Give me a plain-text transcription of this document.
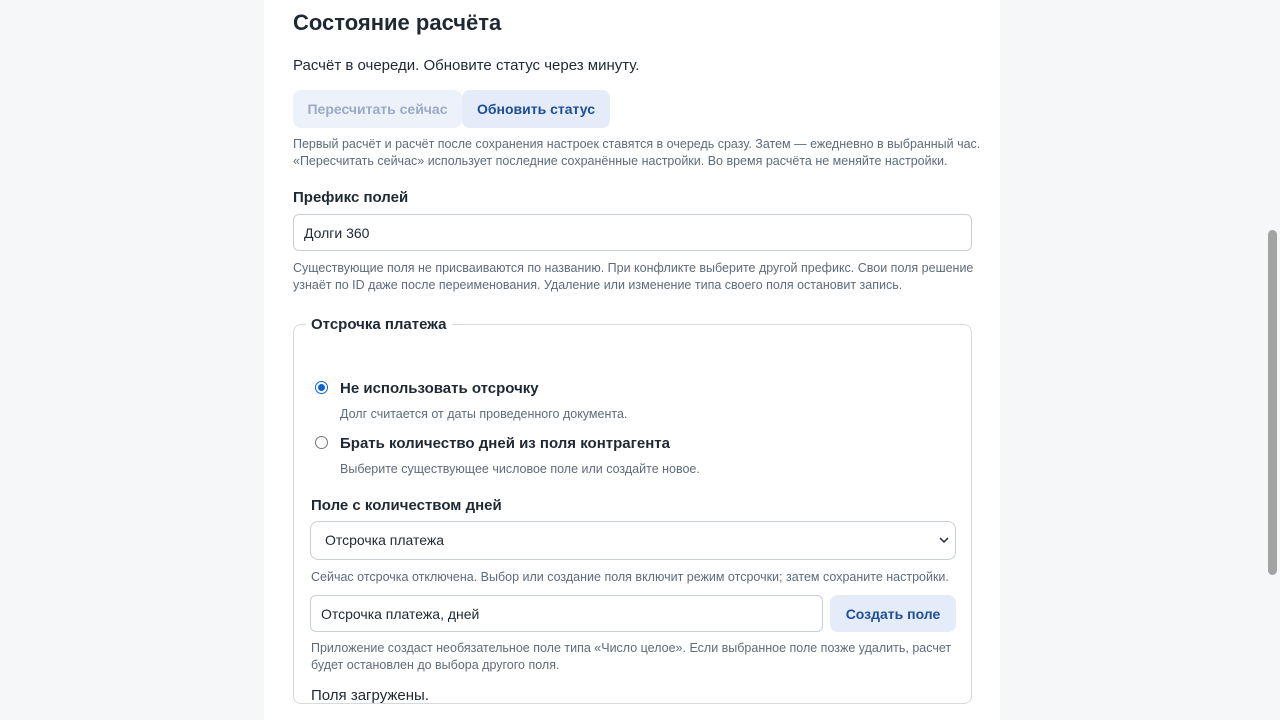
Состояние расчёта
Расчёт в очереди. Обновите статус через минуту.
Пересчитать сейчас	Обновить статус
Первый расчёт и расчёт после сохранения настроек ставятся в очередь сразу. Затем — ежедневно в выбранный час. «Пересчитать сейчас» использует последние сохранённые настройки. Во время расчёта не меняйте настройки.
Префикс полей
Долги 360
Существующие поля не присваиваются по названию. При конфликте выберите другой префикс. Свои поля решение узнаёт по ID даже после переименования. Удаление или изменение типа своего поля остановит запись.
Отсрочка платежа
Не использовать отсрочку
Долг считается от даты проведенного документа.
Брать количество дней из поля контрагента
Выберите существующее числовое поле или создайте новое.
Поле с количеством дней
Отсрочка платежа
Сейчас отсрочка отключена. Выбор или создание поля включит режим отсрочки; затем сохраните настройки.
Отсрочка платежа, дней
Создать поле
Приложение создаст необязательное поле типа «Число целое». Если выбранное поле позже удалить, расчет будет остановлен до выбора другого поля.
Поля загружены.
